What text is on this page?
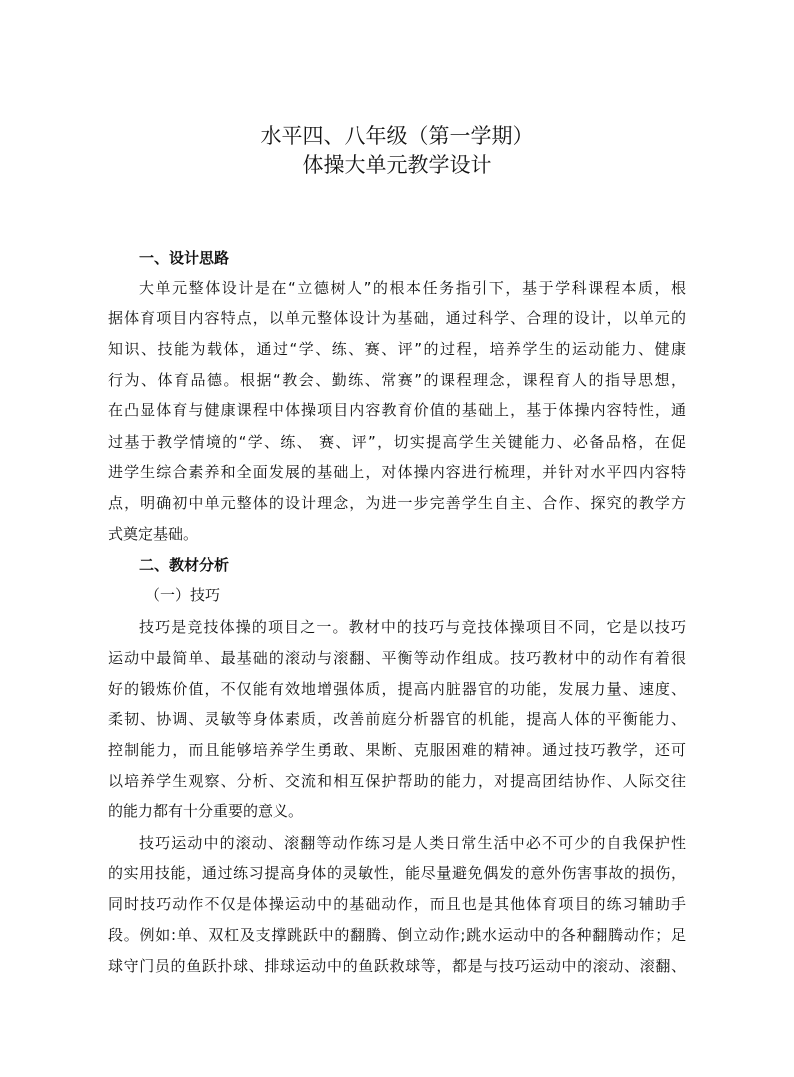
水平四、八年级（第一学期）
体操大单元教学设计
一、设计思路
大单元整体设计是在“立德树人”的根本任务指引下，基于学科课程本质，根
据体育项目内容特点，以单元整体设计为基础，通过科学、合理的设计，以单元的
知识、技能为载体，通过“学、练、赛、评”的过程，培养学生的运动能力、健康
行为、体育品德。根据“教会、勤练、常赛”的课程理念，课程育人的指导思想，
在凸显体育与健康课程中体操项目内容教育价值的基础上，基于体操内容特性，通
过基于教学情境的“学、练、 赛、评”，切实提高学生关键能力、必备品格，在促
进学生综合素养和全面发展的基础上，对体操内容进行梳理，并针对水平四内容特
点，明确初中单元整体的设计理念，为进一步完善学生自主、合作、探究的教学方
式奠定基础。
二、教材分析
（一）技巧
技巧是竞技体操的项目之一。教材中的技巧与竞技体操项目不同，它是以技巧
运动中最简单、最基础的滚动与滚翻、平衡等动作组成。技巧教材中的动作有着很
好的锻炼价值，不仅能有效地增强体质，提高内脏器官的功能，发展力量、速度、
柔韧、协调、灵敏等身体素质，改善前庭分析器官的机能，提高人体的平衡能力、
控制能力，而且能够培养学生勇敢、果断、克服困难的精神。通过技巧教学，还可
以培养学生观察、分析、交流和相互保护帮助的能力，对提高团结协作、人际交往
的能力都有十分重要的意义。
技巧运动中的滚动、滚翻等动作练习是人类日常生活中必不可少的自我保护性
的实用技能，通过练习提高身体的灵敏性，能尽量避免偶发的意外伤害事故的损伤，
同时技巧动作不仅是体操运动中的基础动作，而且也是其他体育项目的练习辅助手
段。例如:单、双杠及支撑跳跃中的翻腾、倒立动作;跳水运动中的各种翻腾动作；足
球守门员的鱼跃扑球、排球运动中的鱼跃救球等，都是与技巧运动中的滚动、滚翻、
